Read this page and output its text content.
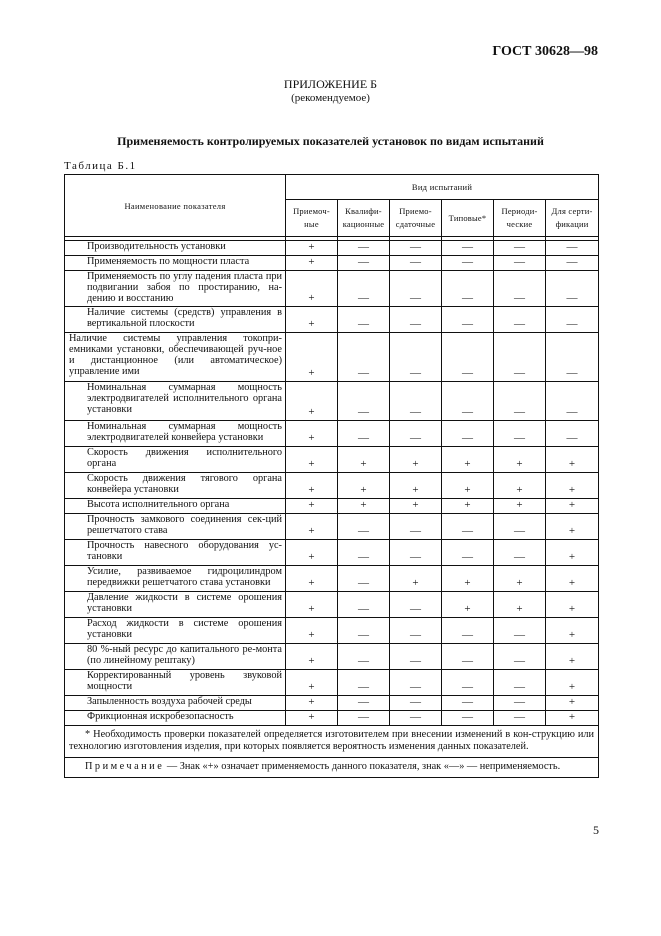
ГОСТ 30628—98
ПРИЛОЖЕНИЕ Б
(рекомендуемое)
Применяемость контролируемых показателей установок по видам испытаний
Таблица Б.1
Наименование показателя	Вид испытаний					
	Приемоч-ные	Квалифи-кационные	Приемо-сдаточные	Типовые*	Периоди-ческие	Для серти-фикации

Производительность установки	+	—	—	—	—	—
Применяемость по мощности пласта	+	—	—	—	—	—
Применяемость по углу падения пласта при подвигании забоя по простиранию, на-дению и восстанию	+	—	—	—	—	—
Наличие системы (средств) управления в вертикальной плоскости	+	—	—	—	—	—
Наличие системы управления токопри-емниками установки, обеспечивающей руч-ное и дистанционное (или автоматическое) управление ими	+	—	—	—	—	—
Номинальная суммарная мощность электродвигателей исполнительного органа установки	+	—	—	—	—	—
Номинальная суммарная мощность электродвигателей конвейера установки	+	—	—	—	—	—
Скорость движения исполнительного органа	+	+	+	+	+	+
Скорость движения тягового органа конвейера установки	+	+	+	+	+	+
Высота исполнительного органа	+	+	+	+	+	+
Прочность замкового соединения сек-ций решетчатого става	+	—	—	—	—	+
Прочность навесного оборудования ус-тановки	+	—	—	—	—	+
Усилие, развиваемое гидроцилиндром передвижки решетчатого става установки	+	—	+	+	+	+
Давление жидкости в системе орошения установки	+	—	—	+	+	+
Расход жидкости в системе орошения установки	+	—	—	—	—	+
80 %-ный ресурс до капитального ре-монта (по линейному рештаку)	+	—	—	—	—	+
Корректированный уровень звуковой мощности	+	—	—	—	—	+
Запыленность воздуха рабочей среды	+	—	—	—	—	+
Фрикционная искробезопасность	+	—	—	—	—	+
* Необходимость проверки показателей определяется изготовителем при внесении изменений в кон-струкцию или технологию изготовления изделия, при которых появляется вероятность изменения данных показателей.						
Примечание — Знак «+» означает применяемость данного показателя, знак «—» — неприменяемость.						
5
